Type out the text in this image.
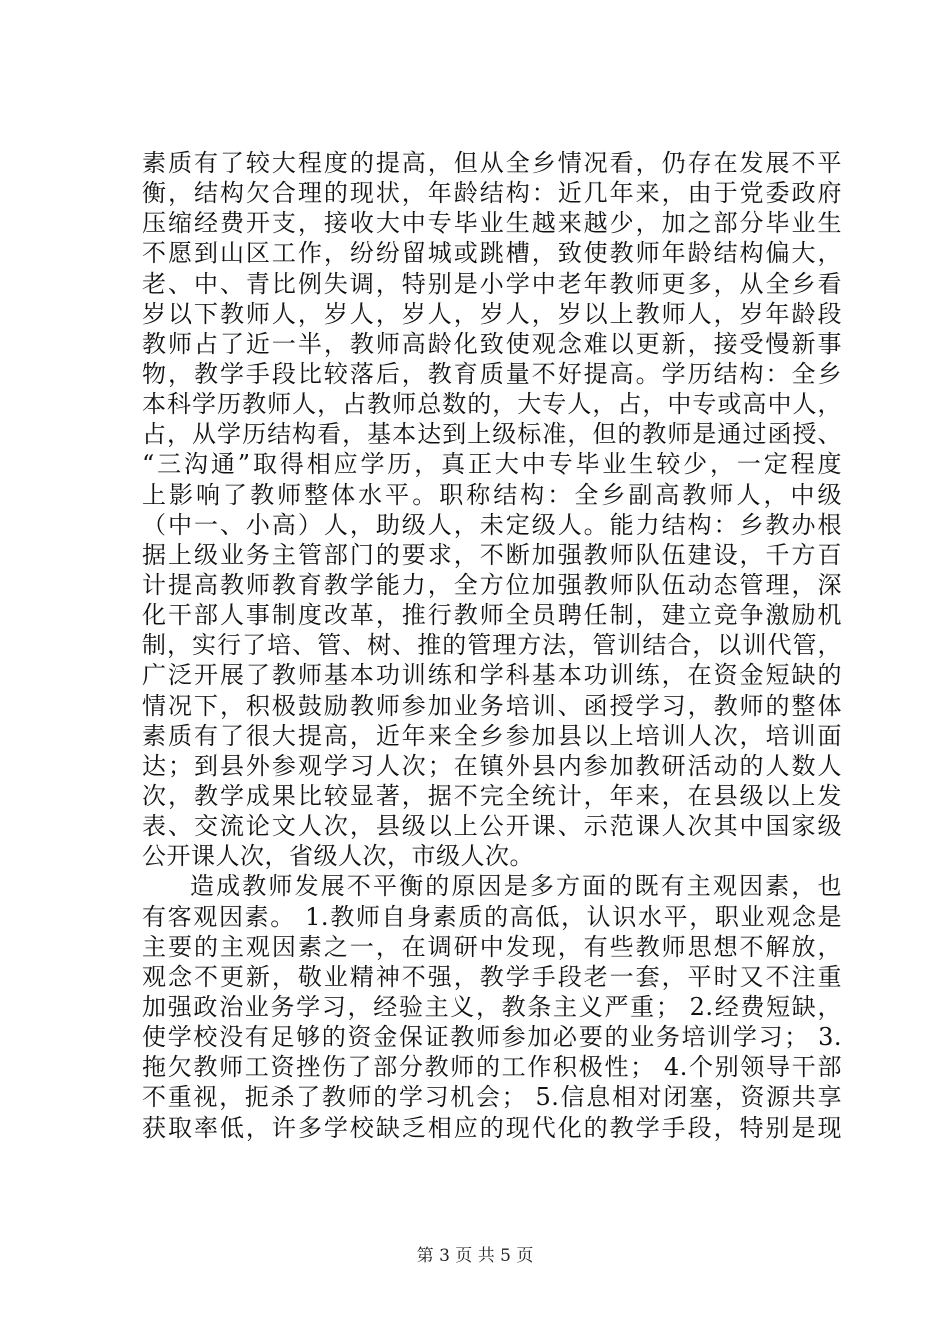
素质有了较大程度的提高，但从全乡情况看，仍存在发展不平
衡，结构欠合理的现状，年龄结构：近几年来，由于党委政府
压缩经费开支，接收大中专毕业生越来越少，加之部分毕业生
不愿到山区工作，纷纷留城或跳槽，致使教师年龄结构偏大，
老、中、青比例失调，特别是小学中老年教师更多，从全乡看
岁以下教师人，岁人，岁人，岁人，岁以上教师人，岁年龄段
教师占了近一半，教师高龄化致使观念难以更新，接受慢新事
物，教学手段比较落后，教育质量不好提高。学历结构：全乡
本科学历教师人，占教师总数的，大专人，占，中专或高中人，
占，从学历结构看，基本达到上级标准，但的教师是通过函授、
“三沟通”取得相应学历，真正大中专毕业生较少，一定程度
上影响了教师整体水平。职称结构：全乡副高教师人，中级
（中一、小高）人，助级人，未定级人。能力结构：乡教办根
据上级业务主管部门的要求，不断加强教师队伍建设，千方百
计提高教师教育教学能力，全方位加强教师队伍动态管理，深
化干部人事制度改革，推行教师全员聘任制，建立竞争激励机
制，实行了培、管、树、推的管理方法，管训结合，以训代管，
广泛开展了教师基本功训练和学科基本功训练，在资金短缺的
情况下，积极鼓励教师参加业务培训、函授学习，教师的整体
素质有了很大提高，近年来全乡参加县以上培训人次，培训面
达；到县外参观学习人次；在镇外县内参加教研活动的人数人
次，教学成果比较显著，据不完全统计，年来，在县级以上发
表、交流论文人次，县级以上公开课、示范课人次其中国家级
公开课人次，省级人次，市级人次。
造成教师发展不平衡的原因是多方面的既有主观因素，也
有客观因素。 1.教师自身素质的高低，认识水平，职业观念是
主要的主观因素之一，在调研中发现，有些教师思想不解放，
观念不更新，敬业精神不强，教学手段老一套，平时又不注重
加强政治业务学习，经验主义，教条主义严重； 2.经费短缺，
使学校没有足够的资金保证教师参加必要的业务培训学习； 3.
拖欠教师工资挫伤了部分教师的工作积极性； 4.个别领导干部
不重视，扼杀了教师的学习机会； 5.信息相对闭塞，资源共享
获取率低，许多学校缺乏相应的现代化的教学手段，特别是现
第 3 页 共 5 页
